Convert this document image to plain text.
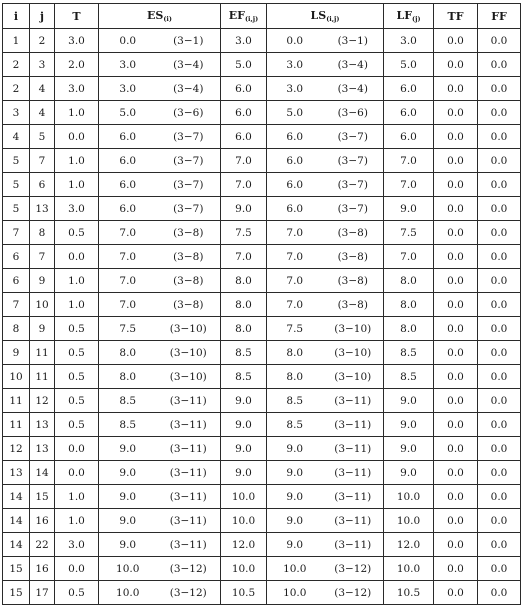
i	j	T	$ES_{(i)}$		$EF_{(i,j)}$	$LS_{(i,j)}$		$LF_{(j)}$	TF	FF
1	2	3.0	0.0	(3−1)	3.0	0.0	(3−1)	3.0	0.0	0.0
2	3	2.0	3.0	(3−4)	5.0	3.0	(3−4)	5.0	0.0	0.0
2	4	3.0	3.0	(3−4)	6.0	3.0	(3−4)	6.0	0.0	0.0
3	4	1.0	5.0	(3−6)	6.0	5.0	(3−6)	6.0	0.0	0.0
4	5	0.0	6.0	(3−7)	6.0	6.0	(3−7)	6.0	0.0	0.0
5	7	1.0	6.0	(3−7)	7.0	6.0	(3−7)	7.0	0.0	0.0
5	6	1.0	6.0	(3−7)	7.0	6.0	(3−7)	7.0	0.0	0.0
5	13	3.0	6.0	(3−7)	9.0	6.0	(3−7)	9.0	0.0	0.0
7	8	0.5	7.0	(3−8)	7.5	7.0	(3−8)	7.5	0.0	0.0
6	7	0.0	7.0	(3−8)	7.0	7.0	(3−8)	7.0	0.0	0.0
6	9	1.0	7.0	(3−8)	8.0	7.0	(3−8)	8.0	0.0	0.0
7	10	1.0	7.0	(3−8)	8.0	7.0	(3−8)	8.0	0.0	0.0
8	9	0.5	7.5	(3−10)	8.0	7.5	(3−10)	8.0	0.0	0.0
9	11	0.5	8.0	(3−10)	8.5	8.0	(3−10)	8.5	0.0	0.0
10	11	0.5	8.0	(3−10)	8.5	8.0	(3−10)	8.5	0.0	0.0
11	12	0.5	8.5	(3−11)	9.0	8.5	(3−11)	9.0	0.0	0.0
11	13	0.5	8.5	(3−11)	9.0	8.5	(3−11)	9.0	0.0	0.0
12	13	0.0	9.0	(3−11)	9.0	9.0	(3−11)	9.0	0.0	0.0
13	14	0.0	9.0	(3−11)	9.0	9.0	(3−11)	9.0	0.0	0.0
14	15	1.0	9.0	(3−11)	10.0	9.0	(3−11)	10.0	0.0	0.0
14	16	1.0	9.0	(3−11)	10.0	9.0	(3−11)	10.0	0.0	0.0
14	22	3.0	9.0	(3−11)	12.0	9.0	(3−11)	12.0	0.0	0.0
15	16	0.0	10.0	(3−12)	10.0	10.0	(3−12)	10.0	0.0	0.0
15	17	0.5	10.0	(3−12)	10.5	10.0	(3−12)	10.5	0.0	0.0
